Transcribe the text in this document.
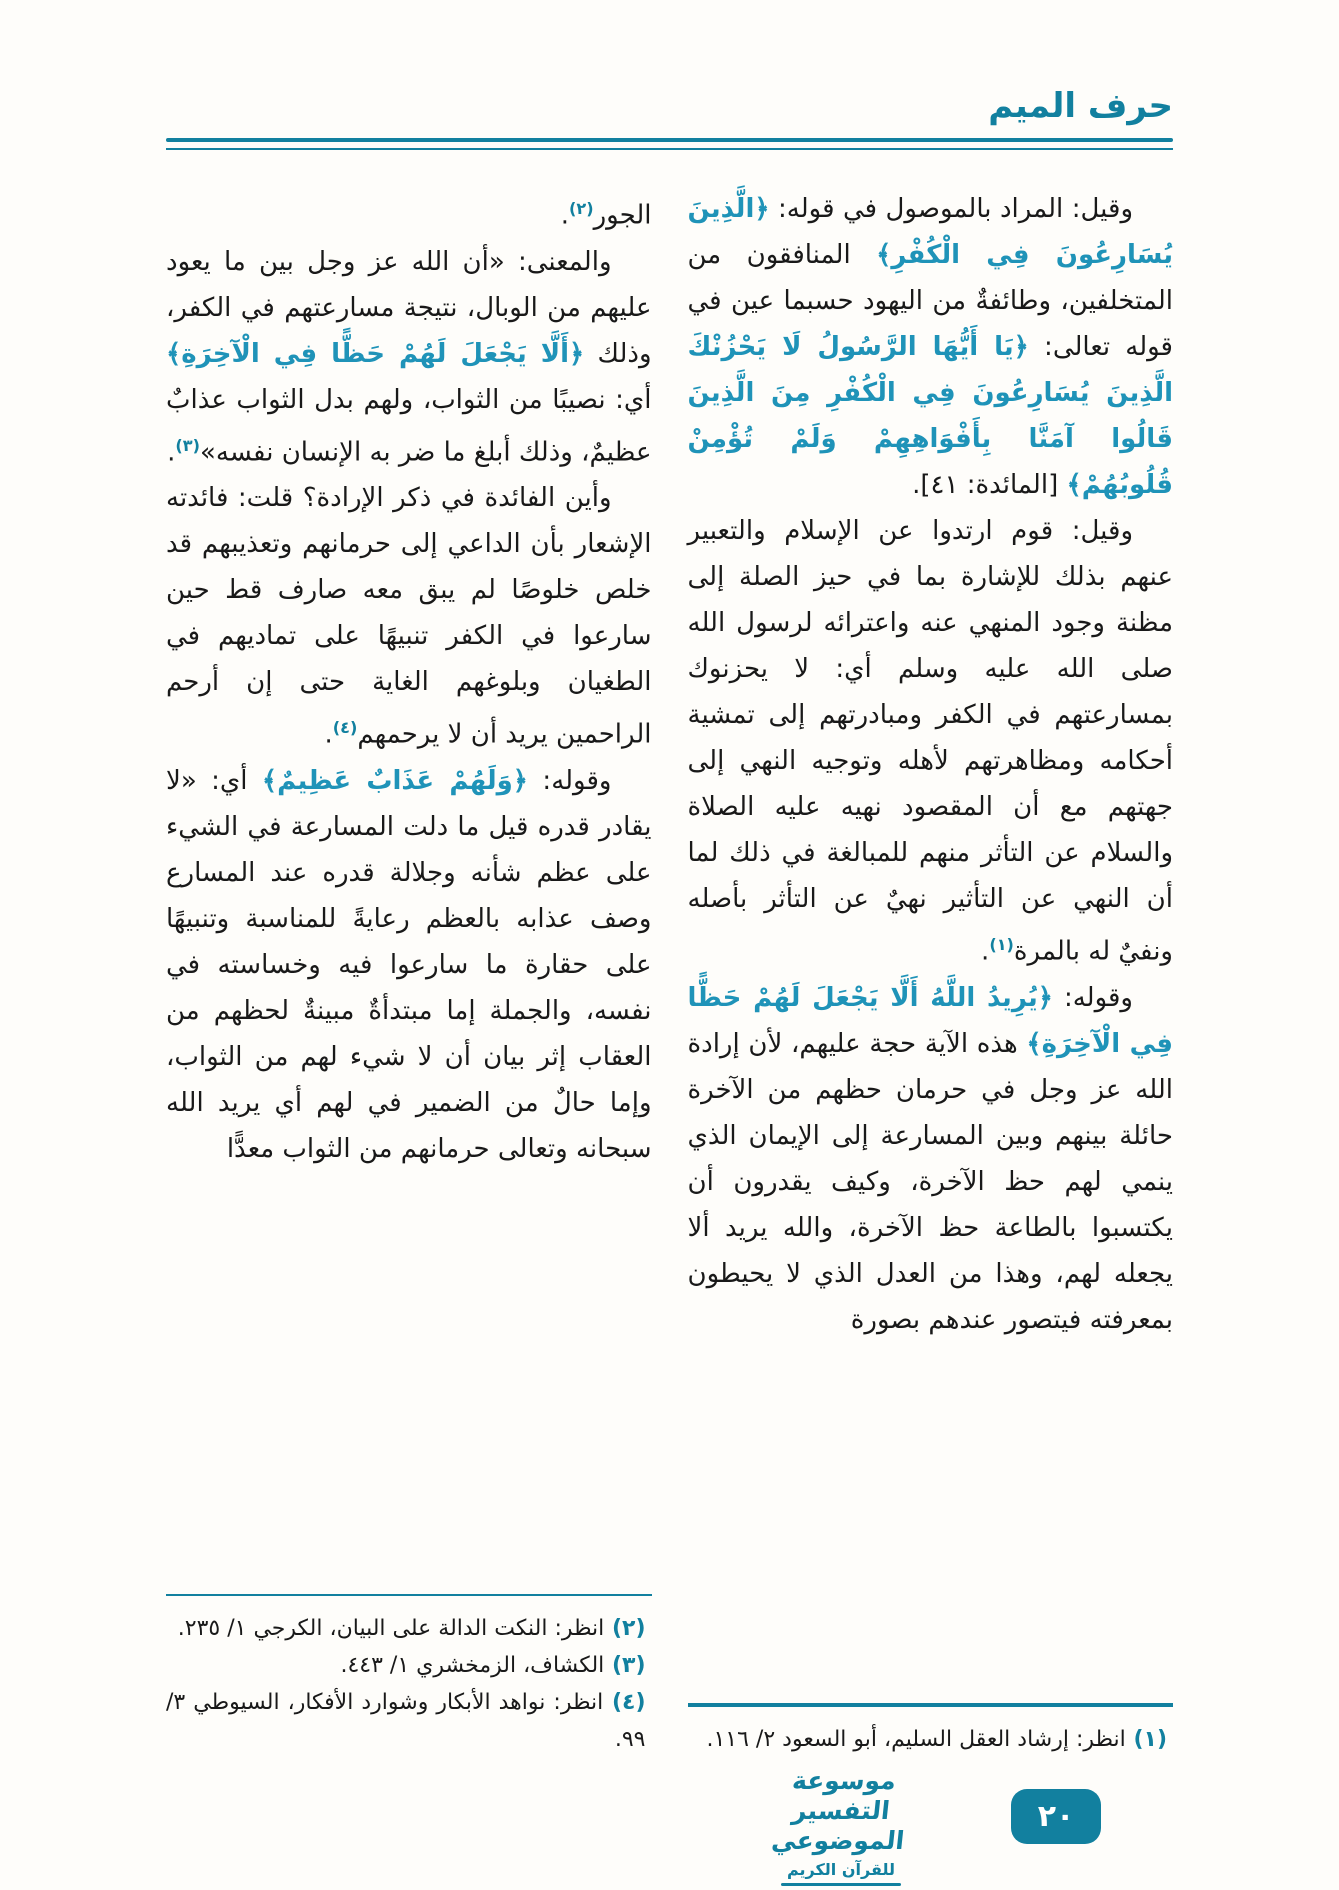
حرف الميم

وقيل: المراد بالموصول في قوله: ﴿الَّذِينَ يُسَارِعُونَ فِي الْكُفْرِ﴾ المنافقون من المتخلفين، وطائفةٌ من اليهود حسبما عين في قوله تعالى: ﴿يَا أَيُّهَا الرَّسُولُ لَا يَحْزُنْكَ الَّذِينَ يُسَارِعُونَ فِي الْكُفْرِ مِنَ الَّذِينَ قَالُوا آمَنَّا بِأَفْوَاهِهِمْ وَلَمْ تُؤْمِنْ قُلُوبُهُمْ﴾ [المائدة: ٤١].

وقيل: قوم ارتدوا عن الإسلام والتعبير عنهم بذلك للإشارة بما في حيز الصلة إلى مظنة وجود المنهي عنه واعترائه لرسول الله صلى الله عليه وسلم أي: لا يحزنوك بمسارعتهم في الكفر ومبادرتهم إلى تمشية أحكامه ومظاهرتهم لأهله وتوجيه النهي إلى جهتهم مع أن المقصود نهيه عليه الصلاة والسلام عن التأثر منهم للمبالغة في ذلك لما أن النهي عن التأثير نهيٌ عن التأثر بأصله ونفيٌ له بالمرة$^{(١)}$.

وقوله: ﴿يُرِيدُ اللَّهُ أَلَّا يَجْعَلَ لَهُمْ حَظًّا فِي الْآخِرَةِ﴾ هذه الآية حجة عليهم، لأن إرادة الله عز وجل في حرمان حظهم من الآخرة حائلة بينهم وبين المسارعة إلى الإيمان الذي ينمي لهم حظ الآخرة، وكيف يقدرون أن يكتسبوا بالطاعة حظ الآخرة، والله يريد ألا يجعله لهم، وهذا من العدل الذي لا يحيطون بمعرفته فيتصور عندهم بصورة

(١) انظر: إرشاد العقل السليم، أبو السعود ٢/ ١١٦.

الجور$^{(٢)}$.

والمعنى: «أن الله عز وجل بين ما يعود عليهم من الوبال، نتيجة مسارعتهم في الكفر، وذلك ﴿أَلَّا يَجْعَلَ لَهُمْ حَظًّا فِي الْآخِرَةِ﴾ أي: نصيبًا من الثواب، ولهم بدل الثواب عذابٌ عظيمٌ، وذلك أبلغ ما ضر به الإنسان نفسه»$^{(٣)}$.

وأين الفائدة في ذكر الإرادة؟ قلت: فائدته الإشعار بأن الداعي إلى حرمانهم وتعذيبهم قد خلص خلوصًا لم يبق معه صارف قط حين سارعوا في الكفر تنبيهًا على تماديهم في الطغيان وبلوغهم الغاية حتى إن أرحم الراحمين يريد أن لا يرحمهم$^{(٤)}$.

وقوله: ﴿وَلَهُمْ عَذَابٌ عَظِيمٌ﴾ أي: «لا يقادر قدره قيل ما دلت المسارعة في الشيء على عظم شأنه وجلالة قدره عند المسارع وصف عذابه بالعظم رعايةً للمناسبة وتنبيهًا على حقارة ما سارعوا فيه وخساسته في نفسه، والجملة إما مبتدأةٌ مبينةٌ لحظهم من العقاب إثر بيان أن لا شيء لهم من الثواب، وإما حالٌ من الضمير في لهم أي يريد الله سبحانه وتعالى حرمانهم من الثواب معدًّا

(٢) انظر: النكت الدالة على البيان، الكرجي ١/ ٢٣٥.
(٣) الكشاف، الزمخشري ١/ ٤٤٣.
(٤) انظر: نواهد الأبكار وشوارد الأفكار، السيوطي ٣/ ٩٩.
موسوعة التفسير الموضوعي
للقرآن الكريم
٢٠
